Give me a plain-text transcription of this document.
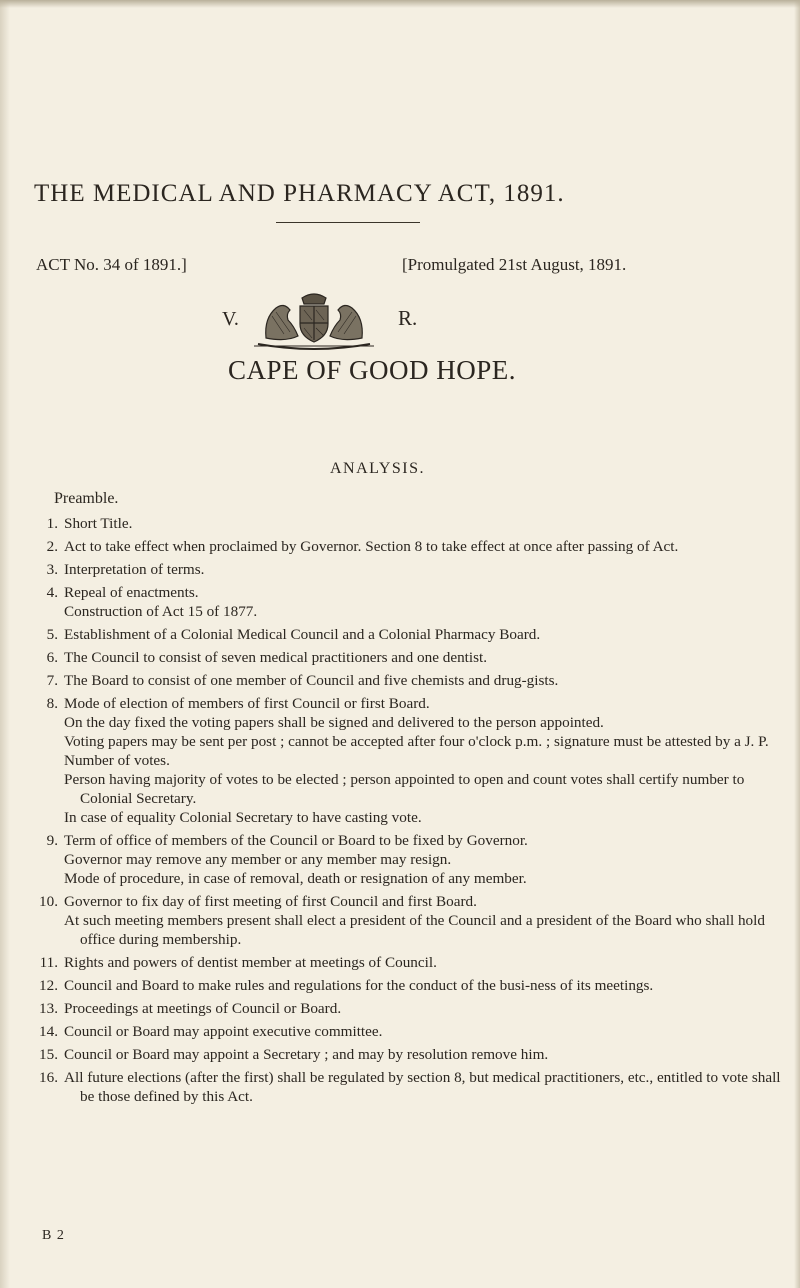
THE MEDICAL AND PHARMACY ACT, 1891.
ACT No. 34 of 1891.]	[Promulgated 21st August, 1891.
V.	R.
CAPE OF GOOD HOPE.
ANALYSIS.
Preamble.
1. Short Title.
2. Act to take effect when proclaimed by Governor. Section 8 to take effect at once after passing of Act.
3. Interpretation of terms.
4. Repeal of enactments.
Construction of Act 15 of 1877.
5. Establishment of a Colonial Medical Council and a Colonial Pharmacy Board.
6. The Council to consist of seven medical practitioners and one dentist.
7. The Board to consist of one member of Council and five chemists and drug-gists.
8. Mode of election of members of first Council or first Board.
On the day fixed the voting papers shall be signed and delivered to the person appointed.
Voting papers may be sent per post ; cannot be accepted after four o'clock p.m. ; signature must be attested by a J. P.
Number of votes.
Person having majority of votes to be elected ; person appointed to open and count votes shall certify number to Colonial Secretary.
In case of equality Colonial Secretary to have casting vote.
9. Term of office of members of the Council or Board to be fixed by Governor.
Governor may remove any member or any member may resign.
Mode of procedure, in case of removal, death or resignation of any member.
10. Governor to fix day of first meeting of first Council and first Board.
At such meeting members present shall elect a president of the Council and a president of the Board who shall hold office during membership.
11. Rights and powers of dentist member at meetings of Council.
12. Council and Board to make rules and regulations for the conduct of the busi-ness of its meetings.
13. Proceedings at meetings of Council or Board.
14. Council or Board may appoint executive committee.
15. Council or Board may appoint a Secretary ; and may by resolution remove him.
16. All future elections (after the first) shall be regulated by section 8, but medical practitioners, etc., entitled to vote shall be those defined by this Act.
B 2
